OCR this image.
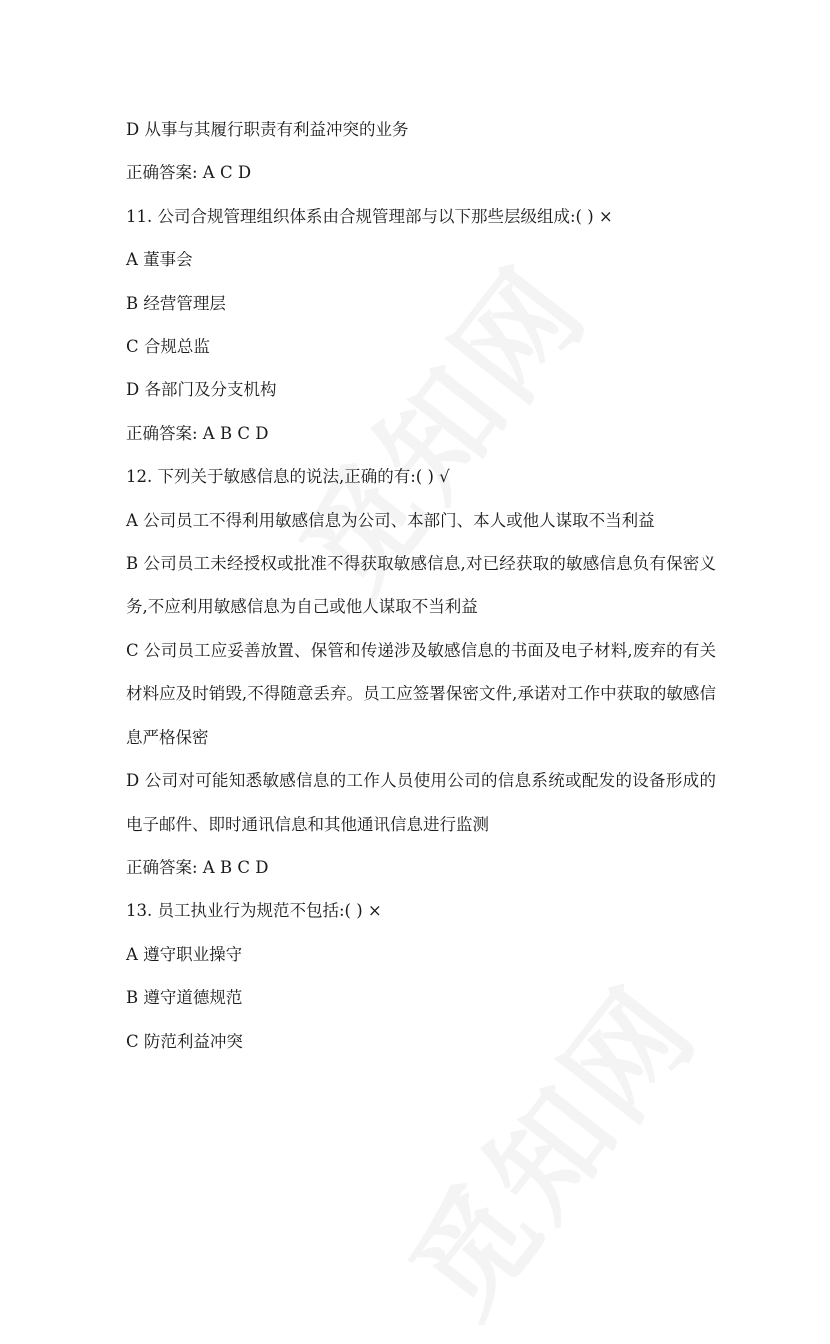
D 从事与其履行职责有利益冲突的业务
正确答案: A C D
11. 公司合规管理组织体系由合规管理部与以下那些层级组成:( ) ×
A 董事会
B 经营管理层
C 合规总监
D 各部门及分支机构
正确答案: A B C D
12. 下列关于敏感信息的说法,正确的有:( ) √
A 公司员工不得利用敏感信息为公司、本部门、本人或他人谋取不当利益
B 公司员工未经授权或批准不得获取敏感信息,对已经获取的敏感信息负有保密义务,不应利用敏感信息为自己或他人谋取不当利益
C 公司员工应妥善放置、保管和传递涉及敏感信息的书面及电子材料,废弃的有关材料应及时销毁,不得随意丢弃。员工应签署保密文件,承诺对工作中获取的敏感信息严格保密
D 公司对可能知悉敏感信息的工作人员使用公司的信息系统或配发的设备形成的电子邮件、即时通讯信息和其他通讯信息进行监测
正确答案: A B C D
13. 员工执业行为规范不包括:( ) ×
A 遵守职业操守
B 遵守道德规范
C 防范利益冲突
